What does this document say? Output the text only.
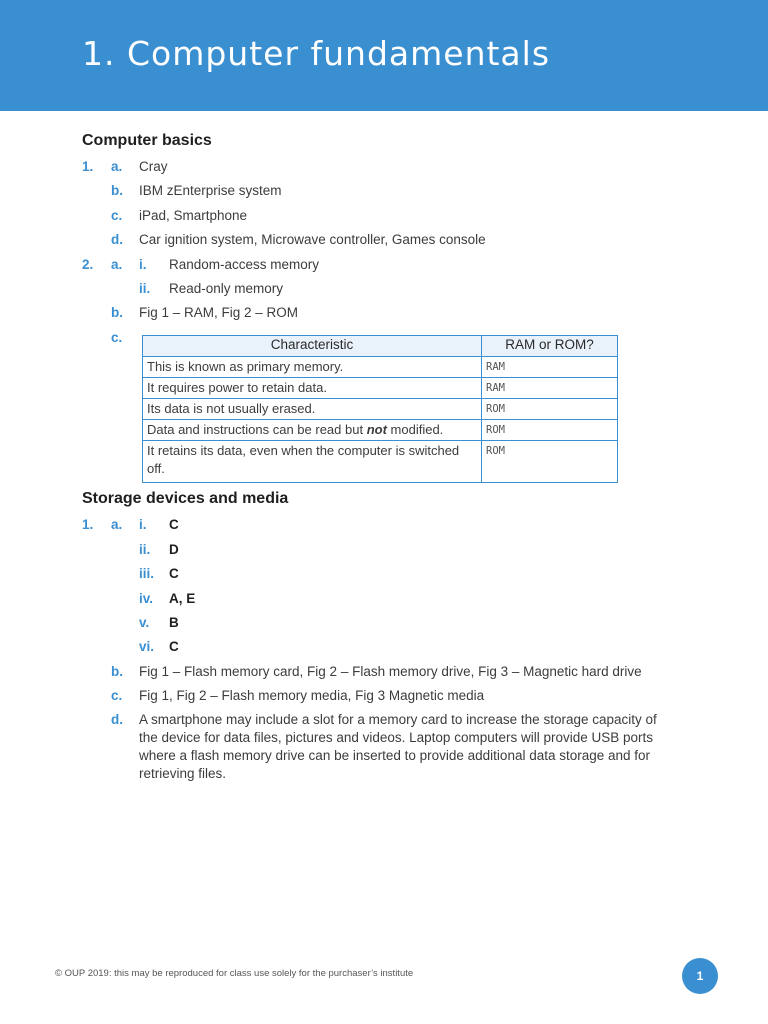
1. Computer fundamentals
Computer basics
1. a. Cray
b. IBM zEnterprise system
c. iPad, Smartphone
d. Car ignition system, Microwave controller, Games console
2. a. i. Random-access memory
ii. Read-only memory
b. Fig 1 – RAM, Fig 2 – ROM
c.	Characteristic	RAM or ROM?
This is known as primary memory.	RAM
It requires power to retain data.	RAM
Its data is not usually erased.	ROM
Data and instructions can be read but not modified.	ROM
It retains its data, even when the computer is switched off.	ROM
Storage devices and media
1. a. i. C
ii. D
iii. C
iv. A, E
v. B
vi. C
b. Fig 1 – Flash memory card, Fig 2 – Flash memory drive, Fig 3 – Magnetic hard drive
c. Fig 1, Fig 2 – Flash memory media, Fig 3 Magnetic media
d. A smartphone may include a slot for a memory card to increase the storage capacity of the device for data files, pictures and videos. Laptop computers will provide USB ports where a flash memory drive can be inserted to provide additional data storage and for retrieving files.
© OUP 2019: this may be reproduced for class use solely for the purchaser’s institute	1
